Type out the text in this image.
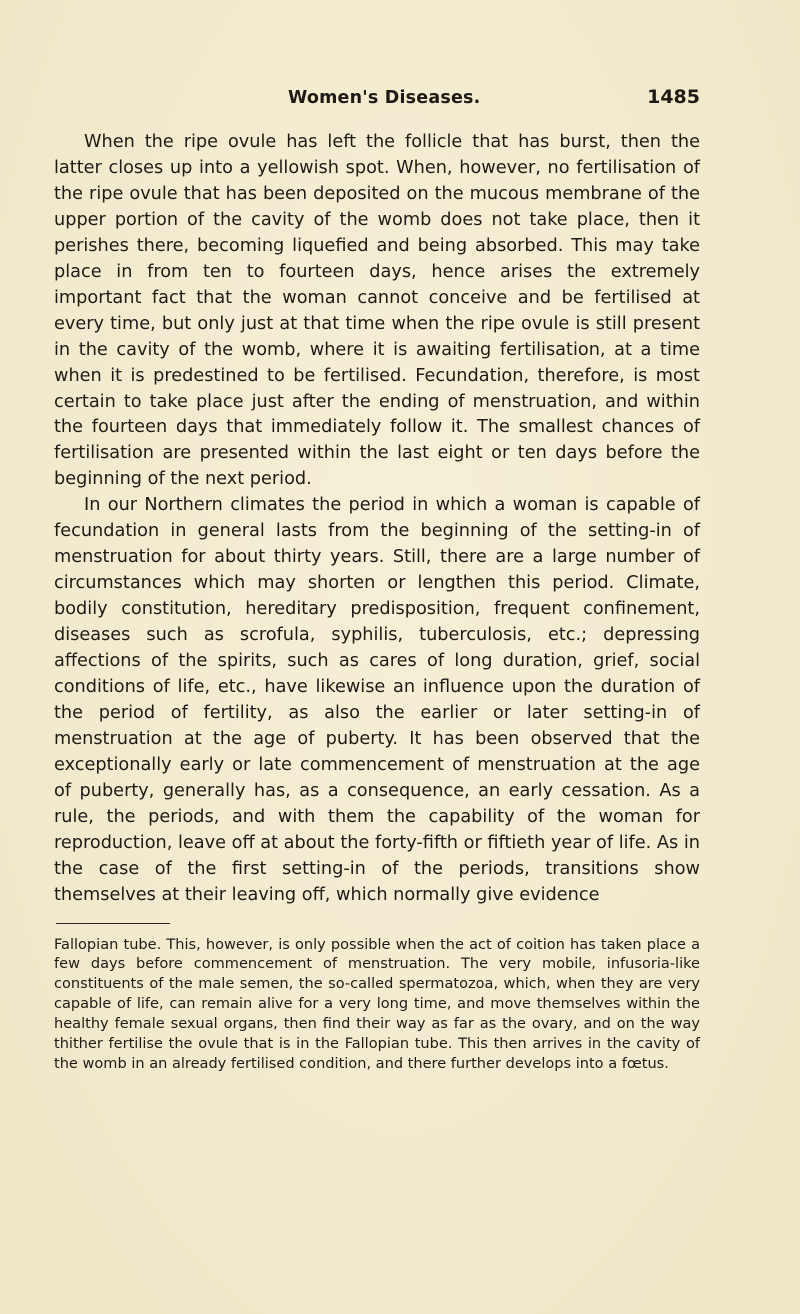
Women's Diseases.	1485

When the ripe ovule has left the follicle that has burst, then the latter closes up into a yellowish spot. When, however, no fertilisation of the ripe ovule that has been deposited on the mucous membrane of the upper portion of the cavity of the womb does not take place, then it perishes there, becoming liquefied and being absorbed. This may take place in from ten to fourteen days, hence arises the extremely important fact that the woman cannot conceive and be fertilised at every time, but only just at that time when the ripe ovule is still present in the cavity of the womb, where it is awaiting fertilisation, at a time when it is predestined to be fertilised. Fecundation, therefore, is most certain to take place just after the ending of menstruation, and within the fourteen days that immediately follow it. The smallest chances of fertilisation are presented within the last eight or ten days before the beginning of the next period.

In our Northern climates the period in which a woman is capable of fecundation in general lasts from the beginning of the setting-in of menstruation for about thirty years. Still, there are a large number of circumstances which may shorten or lengthen this period. Climate, bodily constitution, hereditary predisposition, frequent confinement, diseases such as scrofula, syphilis, tuberculosis, etc.; depressing affections of the spirits, such as cares of long duration, grief, social conditions of life, etc., have likewise an influence upon the duration of the period of fertility, as also the earlier or later setting-in of menstruation at the age of puberty. It has been observed that the exceptionally early or late commencement of menstruation at the age of puberty, generally has, as a consequence, an early cessation. As a rule, the periods, and with them the capability of the woman for reproduction, leave off at about the forty-fifth or fiftieth year of life. As in the case of the first setting-in of the periods, transitions show themselves at their leaving off, which normally give evidence

Fallopian tube. This, however, is only possible when the act of coition has taken place a few days before commencement of menstruation. The very mobile, infusoria-like constituents of the male semen, the so-called spermatozoa, which, when they are very capable of life, can remain alive for a very long time, and move themselves within the healthy female sexual organs, then find their way as far as the ovary, and on the way thither fertilise the ovule that is in the Fallopian tube. This then arrives in the cavity of the womb in an already fertilised condition, and there further develops into a fœtus.
